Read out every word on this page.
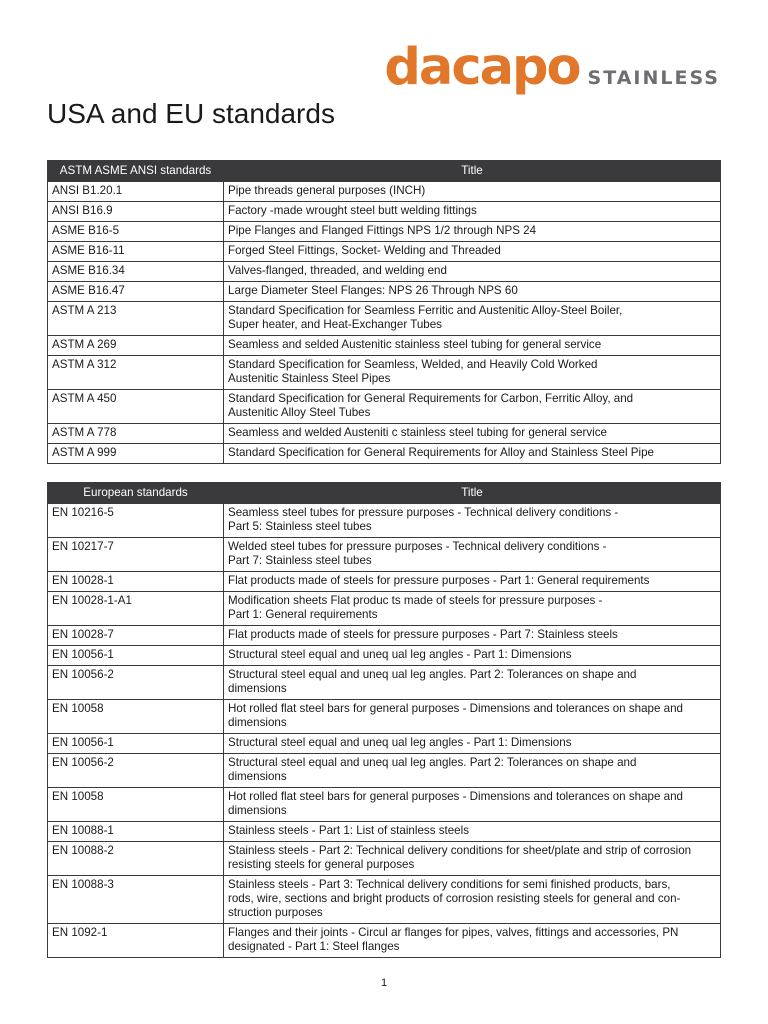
dacapo STAINLESS
USA and EU standards
ASTM ASME ANSI standards	Title
ANSI B1.20.1	Pipe threads general purposes (INCH)
ANSI B16.9	Factory -made wrought steel butt welding fittings
ASME B16-5	Pipe Flanges and Flanged Fittings NPS 1/2 through NPS 24
ASME B16-11	Forged Steel Fittings, Socket- Welding and Threaded
ASME B16.34	Valves-flanged, threaded, and welding end
ASME B16.47	Large Diameter Steel Flanges: NPS 26 Through NPS 60
ASTM A 213	Standard Specification for Seamless Ferritic and Austenitic Alloy-Steel Boiler,
Super heater, and Heat-Exchanger Tubes
ASTM A 269	Seamless and selded Austenitic stainless steel tubing for general service
ASTM A 312	Standard Specification for Seamless, Welded, and Heavily Cold Worked
Austenitic Stainless Steel Pipes
ASTM A 450	Standard Specification for General Requirements for Carbon, Ferritic Alloy, and
Austenitic Alloy Steel Tubes
ASTM A 778	Seamless and welded Austeniti c stainless steel tubing for general service
ASTM A 999	Standard Specification for General Requirements for Alloy and Stainless Steel Pipe
European standards	Title
EN 10216-5	Seamless steel tubes for pressure purposes - Technical delivery conditions -
Part 5: Stainless steel tubes
EN 10217-7	Welded steel tubes for pressure purposes - Technical delivery conditions -
Part 7: Stainless steel tubes
EN 10028-1	Flat products made of steels for pressure purposes - Part 1: General requirements
EN 10028-1-A1	Modification sheets Flat produc ts made of steels for pressure purposes -
Part 1: General requirements
EN 10028-7	Flat products made of steels for pressure purposes - Part 7: Stainless steels
EN 10056-1	Structural steel equal and uneq ual leg angles - Part 1: Dimensions
EN 10056-2	Structural steel equal and uneq ual leg angles. Part 2: Tolerances on shape and
dimensions
EN 10058	Hot rolled flat steel bars for general purposes - Dimensions and tolerances on shape and
dimensions
EN 10056-1	Structural steel equal and uneq ual leg angles - Part 1: Dimensions
EN 10056-2	Structural steel equal and uneq ual leg angles. Part 2: Tolerances on shape and
dimensions
EN 10058	Hot rolled flat steel bars for general purposes - Dimensions and tolerances on shape and
dimensions
EN 10088-1	Stainless steels - Part 1: List of stainless steels
EN 10088-2	Stainless steels - Part 2: Technical delivery conditions for sheet/plate and strip of corrosion
resisting steels for general purposes
EN 10088-3	Stainless steels - Part 3: Technical delivery conditions for semi finished products, bars,
rods, wire, sections and bright products of corrosion resisting steels for general and con-
struction purposes
EN 1092-1	Flanges and their joints - Circul ar flanges for pipes, valves, fittings and accessories, PN
designated - Part 1: Steel flanges
1
